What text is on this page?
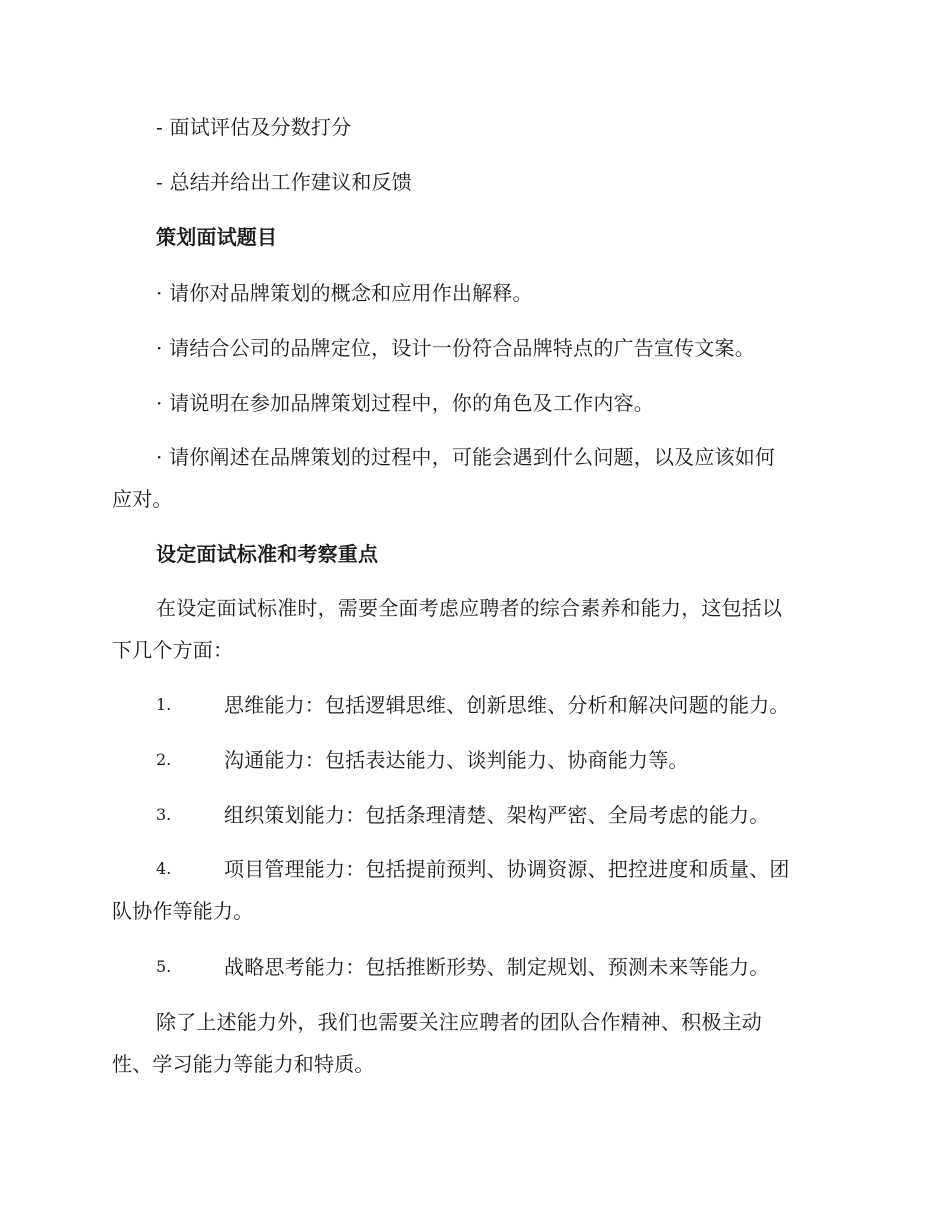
- 面试评估及分数打分
- 总结并给出工作建议和反馈
策划面试题目
· 请你对品牌策划的概念和应用作出解释。
· 请结合公司的品牌定位，设计一份符合品牌特点的广告宣传文案。
· 请说明在参加品牌策划过程中，你的角色及工作内容。
· 请你阐述在品牌策划的过程中，可能会遇到什么问题，以及应该如何
应对。
设定面试标准和考察重点
在设定面试标准时，需要全面考虑应聘者的综合素养和能力，这包括以
下几个方面：
1.	思维能力：包括逻辑思维、创新思维、分析和解决问题的能力。
2.	沟通能力：包括表达能力、谈判能力、协商能力等。
3.	组织策划能力：包括条理清楚、架构严密、全局考虑的能力。
4.	项目管理能力：包括提前预判、协调资源、把控进度和质量、团
队协作等能力。
5.	战略思考能力：包括推断形势、制定规划、预测未来等能力。
除了上述能力外，我们也需要关注应聘者的团队合作精神、积极主动
性、学习能力等能力和特质。
